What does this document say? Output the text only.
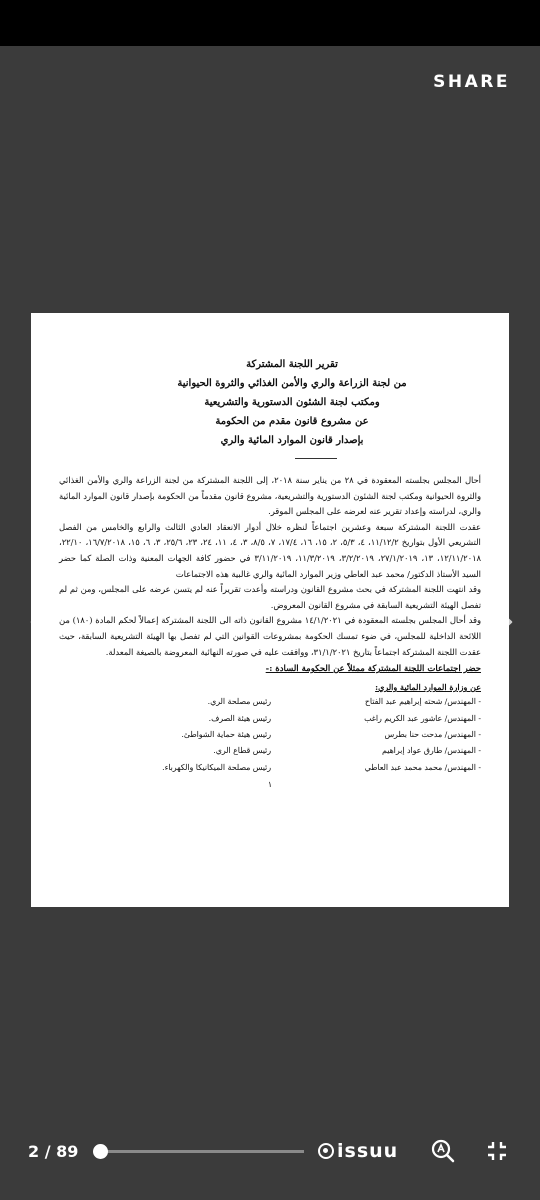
SHARE
تقرير اللجنة المشتركة
من لجنة الزراعة والري والأمن الغذائي والثروة الحيوانية
ومكتب لجنة الشئون الدستورية والتشريعية
عن مشروع قانون مقدم من الحكومة
بإصدار قانون الموارد المائية والري

أحال المجلس بجلسته المعقودة في ٢٨ من يناير سنة ٢٠١٨، إلى اللجنة المشتركة من لجنة الزراعة والري والأمن الغذائي والثروة الحيوانية ومكتب لجنة الشئون الدستورية والتشريعية، مشروع قانون مقدماً من الحكومة بإصدار قانون الموارد المائية والري، لدراسته وإعداد تقرير عنه لعرضه على المجلس الموقر.

عقدت اللجنة المشتركة سبعة وعشرين اجتماعاً لنظره خلال أدوار الانعقاد العادي الثالث والرابع والخامس من الفصل التشريعي الأول بتواريخ ١١/١٢/٢، ٤، ٥/٣، ٢، ١٥، ١٦، ١٧/٤، ٧، ٨/٥، ٣، ٤، ١١، ٢٤، ٢٣، ٢٥/٦، ٣، ٦، ١٥، ١٦/٧/٢٠١٨، ٢٢/١٠، ١٢/١١/٢٠١٨، ١٣، ٢٧/١/٢٠١٩، ٣/٢/٢٠١٩، ١١/٣/٢٠١٩، ٣/١١/٢٠١٩ في حضور كافة الجهات المعنية وذات الصلة كما حضر السيد الأستاذ الدكتور/ محمد عبد العاطي وزير الموارد المائية والري غالبية هذه الاجتماعات

وقد انتهت اللجنة المشتركة في بحث مشروع القانون ودراسته وأعدت تقريراً عنه لم يتسن عرضه على المجلس، ومن ثم لم تفصل الهيئة التشريعية السابقة في مشروع القانون المعروض.

وقد أحال المجلس بجلسته المعقودة في ١٤/١/٢٠٢١ مشروع القانون ذاته الى اللجنة المشتركة إعمالاً لحكم المادة (١٨٠) من اللائحة الداخلية للمجلس، في ضوء تمسك الحكومة بمشروعات القوانين التي لم تفصل بها الهيئة التشريعية السابقة، حيث عقدت اللجنة المشتركة اجتماعاً بتاريخ ٣١/١/٢٠٢١، ووافقت عليه في صورته النهائية المعروضة بالصيغة المعدلة.

حضر اجتماعات اللجنة المشتركة ممثلاً عن الحكومة السادة :-
عن وزارة الموارد المائية والري:
- المهندس/ شحته إبراهيم عبد الفتاح
رئيس مصلحة الري.
- المهندس/ عاشور عبد الكريم راغب
رئيس هيئة الصرف.
- المهندس/ مدحت حنا بطرس
رئيس هيئة حماية الشواطئ.
- المهندس/ طارق عواد إبراهيم
رئيس قطاع الري.
- المهندس/ محمد محمد عبد العاطي
رئيس مصلحة الميكانيكا والكهرباء.
١
2 / 89	issuu
